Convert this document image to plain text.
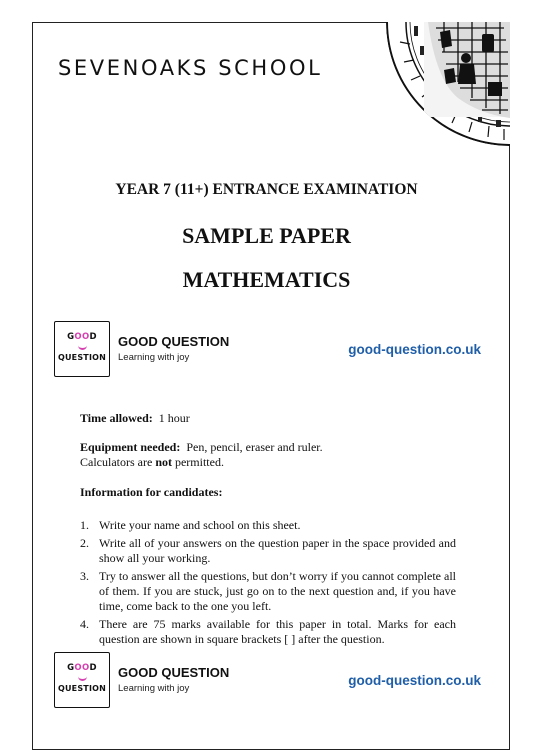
SEVENOAKS SCHOOL
YEAR 7 (11+) ENTRANCE EXAMINATION
SAMPLE PAPER
MATHEMATICS
GOOD
QUESTION
GOOD QUESTION
Learning with joy
good-question.co.uk
Time allowed: 1 hour
Equipment needed: Pen, pencil, eraser and ruler.
Calculators are not permitted.
Information for candidates:
1. Write your name and school on this sheet.
2. Write all of your answers on the question paper in the space provided and show all your working.
3. Try to answer all the questions, but don’t worry if you cannot complete all of them. If you are stuck, just go on to the next question and, if you have time, come back to the one you left.
4. There are 75 marks available for this paper in total. Marks for each question are shown in square brackets [ ] after the question.
GOOD
QUESTION
GOOD QUESTION
Learning with joy
good-question.co.uk
